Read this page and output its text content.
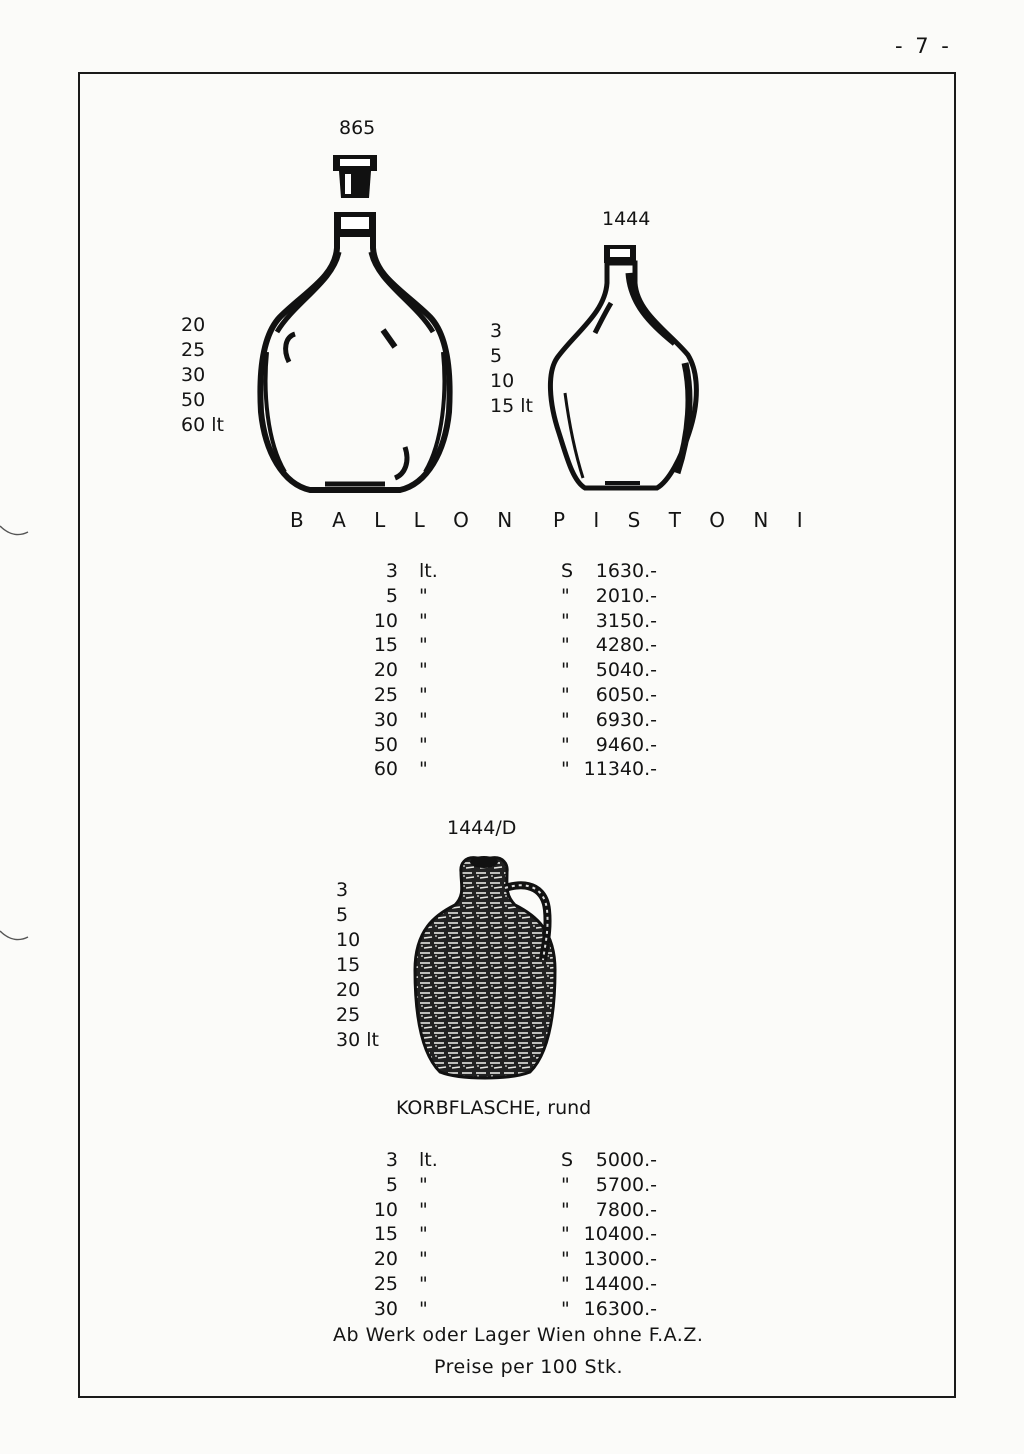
- 7 -
865
20
25
30
50
60 lt
B A L L O N
1444
3
5
10
15 lt
P I S T O N I
3 lt.	S 1630.-
5 "	" 2010.-
10 "	" 3150.-
15 "	" 4280.-
20 "	" 5040.-
25 "	" 6050.-
30 "	" 6930.-
50 "	" 9460.-
60 "	" 11340.-
1444/D
3
5
10
15
20
25
30 lt
KORBFLASCHE, rund
3 lt.	S 5000.-
5 "	" 5700.-
10 "	" 7800.-
15 "	" 10400.-
20 "	" 13000.-
25 "	" 14400.-
30 "	" 16300.-
Ab Werk oder Lager Wien ohne F.A.Z.
Preise per 100 Stk.
